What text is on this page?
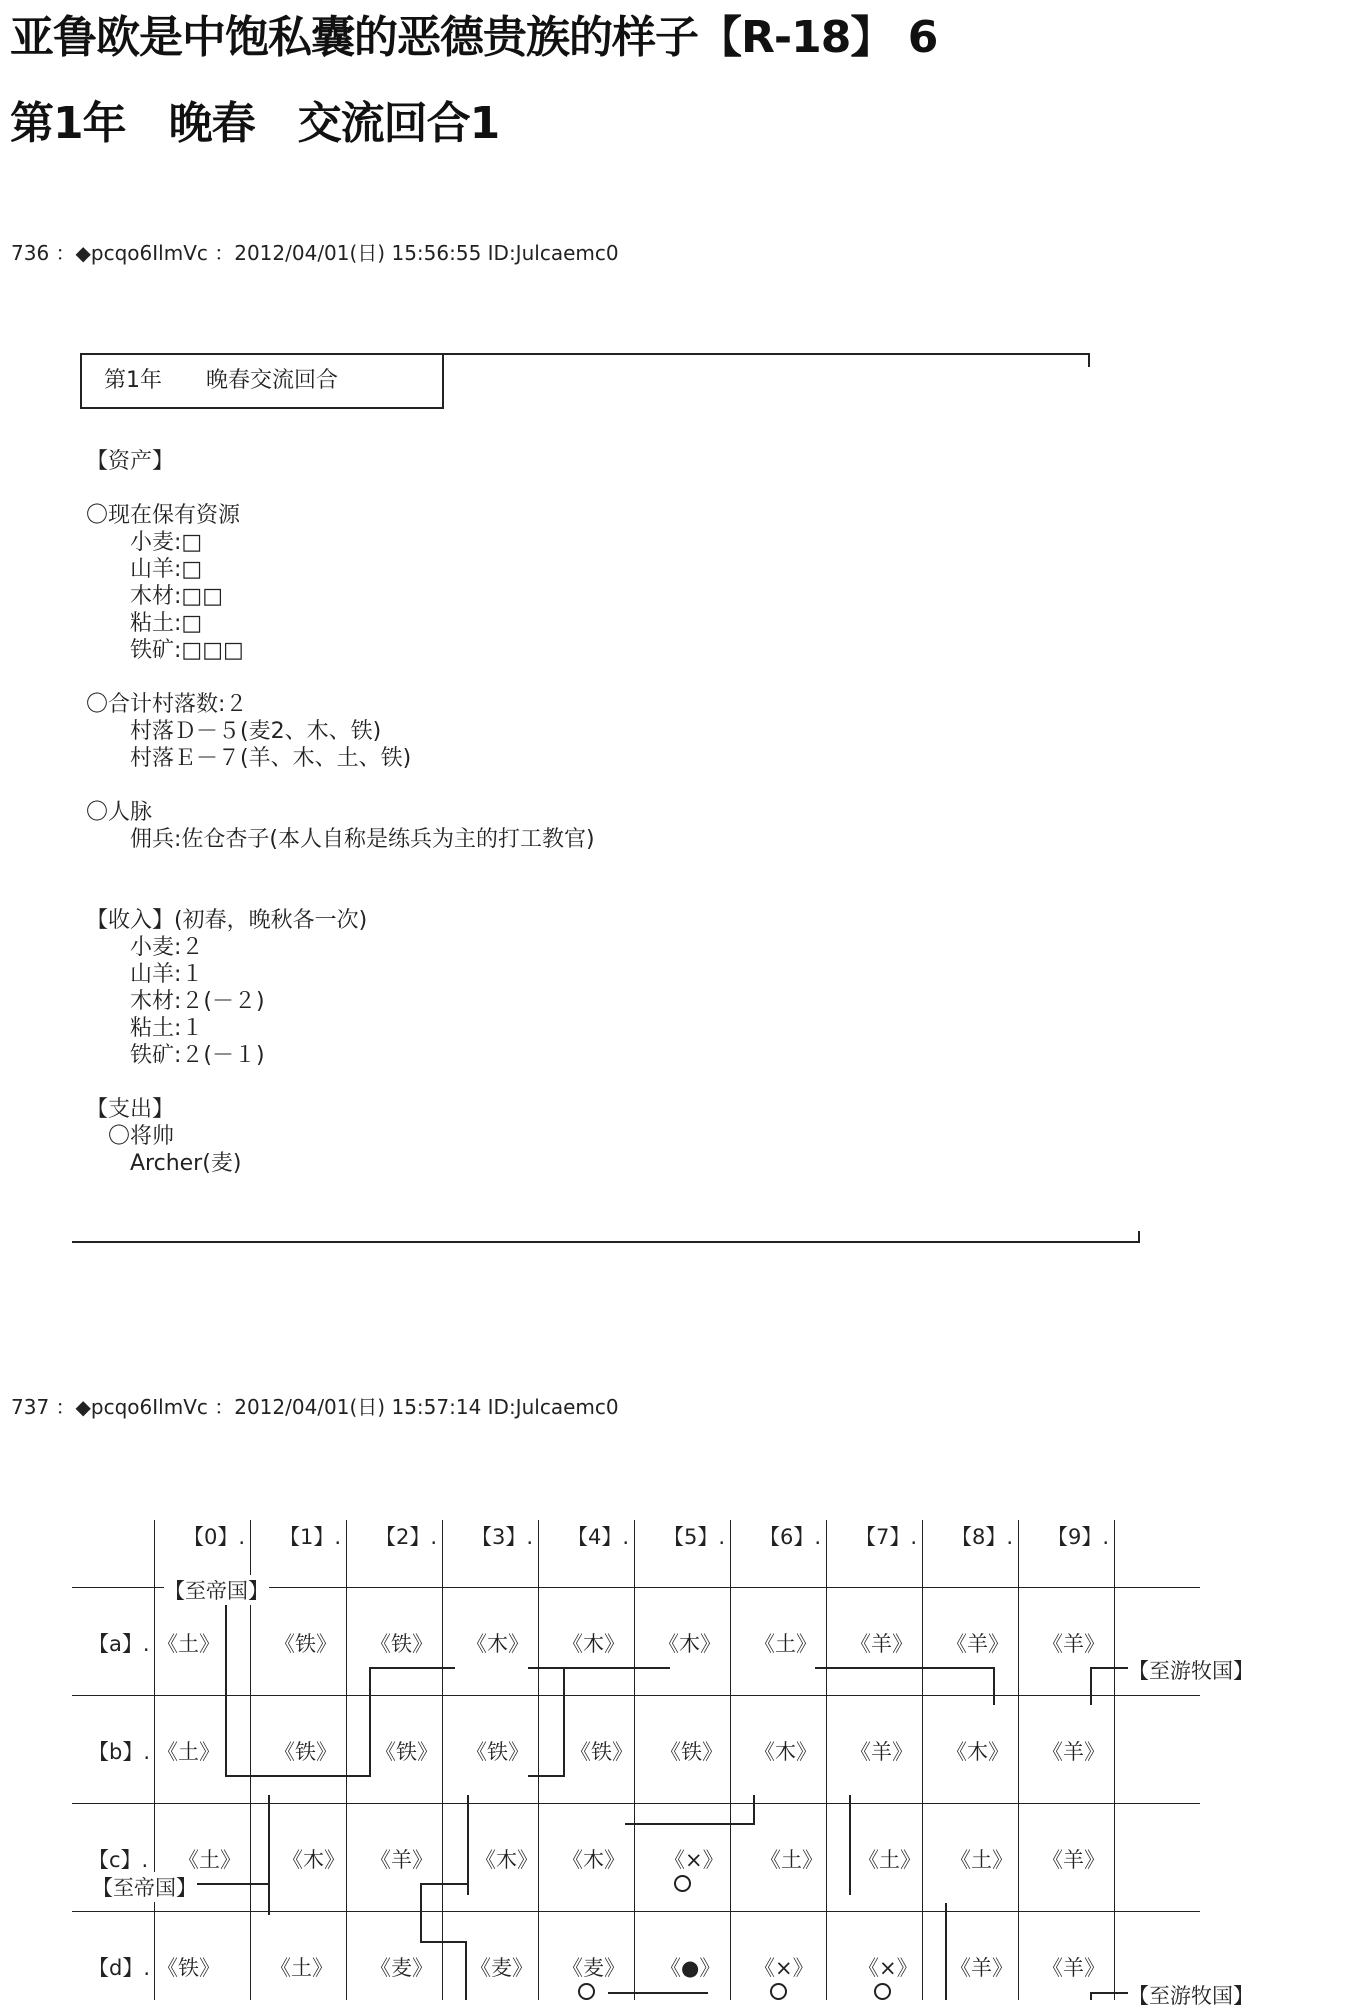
亚鲁欧是中饱私囊的恶德贵族的样子【R-18】 6
第1年　晚春　交流回合1
736 ：◆pcqo6IlmVc ：2012/04/01(日) 15:56:55 ID:Julcaemc0
第1年　　晚春交流回合
【资产】
〇现在保有资源
　　小麦:□
　　山羊:□
　　木材:□□
　　粘土:□
　　铁矿:□□□
〇合计村落数:２
　　村落Ｄ－５(麦2、木、铁)
　　村落Ｅ－７(羊、木、土、铁)
〇人脉
　　佣兵:佐仓杏子(本人自称是练兵为主的打工教官)
【收入】(初春，晚秋各一次)
　　小麦:２
　　山羊:１
　　木材:２(－２)
　　粘土:１
　　铁矿:２(－１)
【支出】
　〇将帅
　　Archer(麦)
737 ：◆pcqo6IlmVc ：2012/04/01(日) 15:57:14 ID:Julcaemc0
【0】. 【1】. 【2】. 【3】. 【4】. 【5】. 【6】. 【7】. 【8】. 【9】.
【a】.
【b】.
【c】.
【d】.
《土》	《铁》 《铁》 《木》 《木》 《木》 《土》 《羊》 《羊》 《羊》
《土》	《铁》 《铁》 《铁》 《铁》 《铁》 《木》 《羊》 《木》 《羊》
《土》 《木》 《羊》 《木》 《木》 《×》 《土》 《土》 《土》 《羊》
《铁》 《土》 《麦》 《麦》 《麦》 《●》 《×》 《×》 《羊》 《羊》
【至帝国】
【至游牧国】
【至帝国】
【至游牧国】
